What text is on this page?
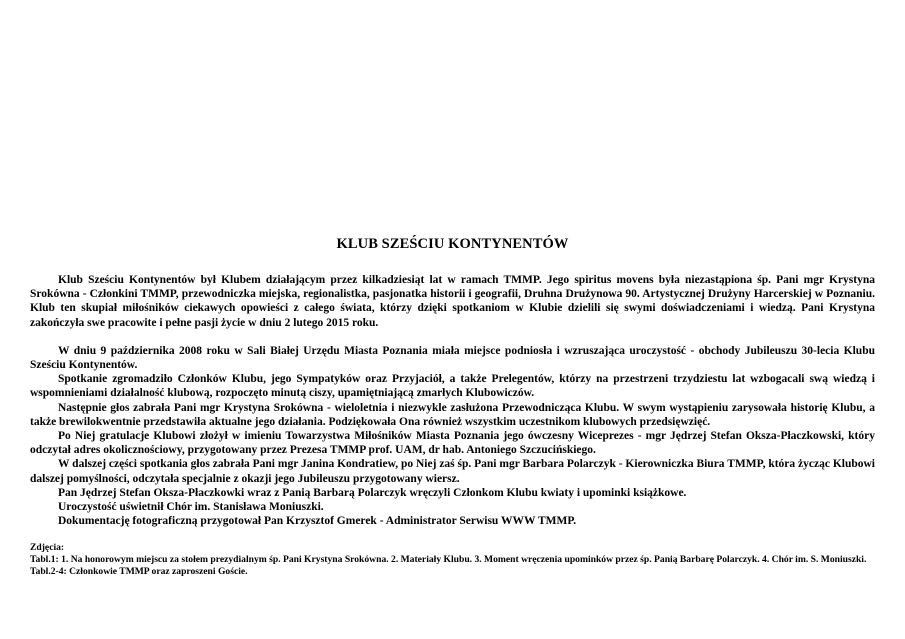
KLUB SZEŚCIU KONTYNENTÓW

Klub Sześciu Kontynentów był Klubem działającym przez kilkadziesiąt lat w ramach TMMP. Jego spiritus movens była niezastąpiona śp. Pani mgr Krystyna Srokówna - Członkini TMMP, przewodniczka miejska, regionalistka, pasjonatka historii i geografii, Druhna Drużynowa 90. Artystycznej Drużyny Harcerskiej w Poznaniu. Klub ten skupiał miłośników ciekawych opowieści z całego świata, którzy dzięki spotkaniom w Klubie dzielili się swymi doświadczeniami i wiedzą. Pani Krystyna zakończyła swe pracowite i pełne pasji życie w dniu 2 lutego 2015 roku.

W dniu 9 października 2008 roku w Sali Białej Urzędu Miasta Poznania miała miejsce podniosła i wzruszająca uroczystość - obchody Jubileuszu 30-lecia Klubu Sześciu Kontynentów.

Spotkanie zgromadziło Członków Klubu, jego Sympatyków oraz Przyjaciół, a także Prelegentów, którzy na przestrzeni trzydziestu lat wzbogacali swą wiedzą i wspomnieniami działalność klubową, rozpoczęto minutą ciszy, upamiętniającą zmarłych Klubowiczów.

Następnie głos zabrała Pani mgr Krystyna Srokówna - wieloletnia i niezwykle zasłużona Przewodnicząca Klubu. W swym wystąpieniu zarysowała historię Klubu, a także brewilokwentnie przedstawiła aktualne jego działania. Podziękowała Ona również wszystkim uczestnikom klubowych przedsięwzięć.

Po Niej gratulacje Klubowi złożył w imieniu Towarzystwa Miłośników Miasta Poznania jego ówczesny Wiceprezes - mgr Jędrzej Stefan Oksza-Płaczkowski, który odczytał adres okolicznościowy, przygotowany przez Prezesa TMMP prof. UAM, dr hab. Antoniego Szczucińskiego.

W dalszej części spotkania głos zabrała Pani mgr Janina Kondratiew, po Niej zaś śp. Pani mgr Barbara Polarczyk - Kierowniczka Biura TMMP, która życząc Klubowi dalszej pomyślności, odczytała specjalnie z okazji jego Jubileuszu przygotowany wiersz.

Pan Jędrzej Stefan Oksza-Płaczkowki wraz z Panią Barbarą Polarczyk wręczyli Członkom Klubu kwiaty i upominki książkowe.

Uroczystość uświetnił Chór im. Stanisława Moniuszki.

Dokumentację fotograficzną przygotował Pan Krzysztof Gmerek - Administrator Serwisu WWW TMMP.

Zdjęcia:

Tabl.1: 1. Na honorowym miejscu za stołem prezydialnym śp. Pani Krystyna Srokówna. 2. Materiały Klubu. 3. Moment wręczenia upominków przez śp. Panią Barbarę Polarczyk. 4. Chór im. S. Moniuszki.

Tabl.2-4: Członkowie TMMP oraz zaproszeni Goście.
